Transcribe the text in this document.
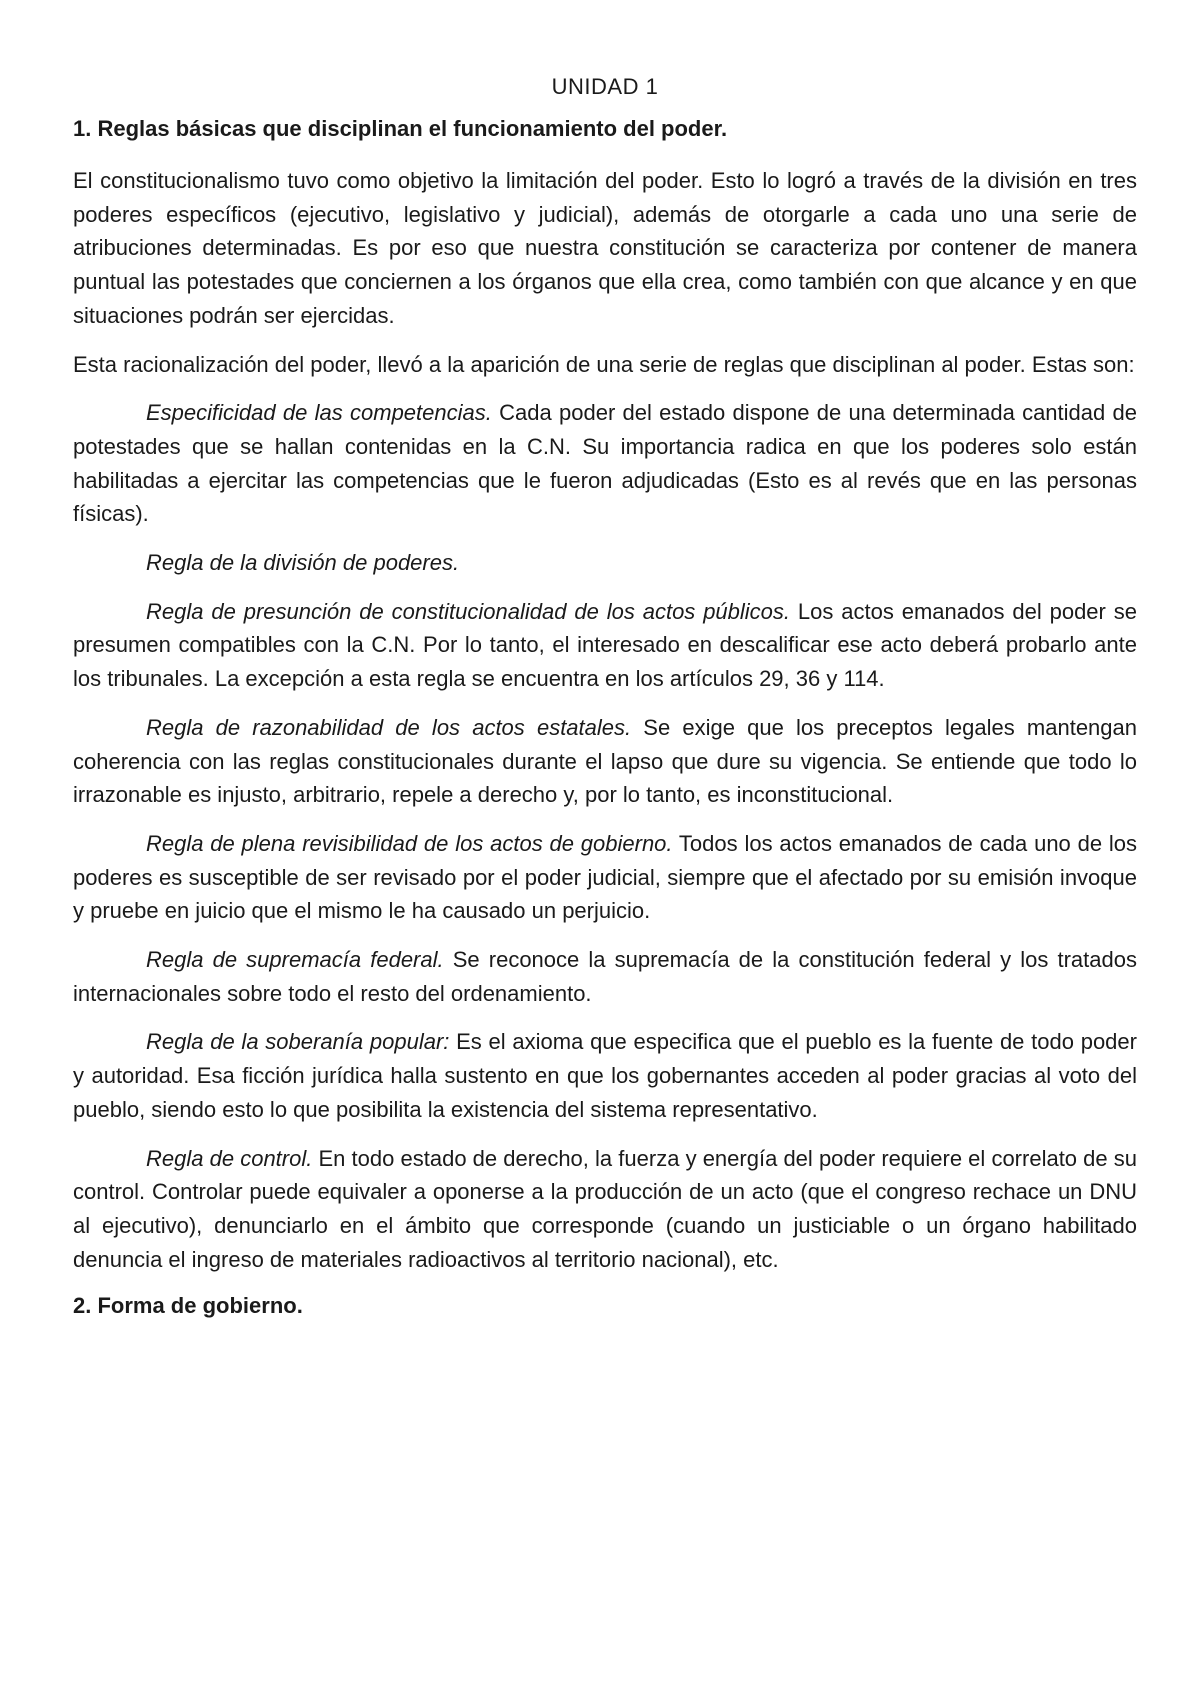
UNIDAD 1
1. Reglas básicas que disciplinan el funcionamiento del poder.

El constitucionalismo tuvo como objetivo la limitación del poder. Esto lo logró a través de la división en tres poderes específicos (ejecutivo, legislativo y judicial), además de otorgarle a cada uno una serie de atribuciones determinadas. Es por eso que nuestra constitución se caracteriza por contener de manera puntual las potestades que conciernen a los órganos que ella crea, como también con que alcance y en que situaciones podrán ser ejercidas.

Esta racionalización del poder, llevó a la aparición de una serie de reglas que disciplinan al poder. Estas son:

Especificidad de las competencias. Cada poder del estado dispone de una determinada cantidad de potestades que se hallan contenidas en la C.N. Su importancia radica en que los poderes solo están habilitadas a ejercitar las competencias que le fueron adjudicadas (Esto es al revés que en las personas físicas).

Regla de la división de poderes.

Regla de presunción de constitucionalidad de los actos públicos. Los actos emanados del poder se presumen compatibles con la C.N. Por lo tanto, el interesado en descalificar ese acto deberá probarlo ante los tribunales. La excepción a esta regla se encuentra en los artículos 29, 36 y 114.

Regla de razonabilidad de los actos estatales. Se exige que los preceptos legales mantengan coherencia con las reglas constitucionales durante el lapso que dure su vigencia. Se entiende que todo lo irrazonable es injusto, arbitrario, repele a derecho y, por lo tanto, es inconstitucional.

Regla de plena revisibilidad de los actos de gobierno. Todos los actos emanados de cada uno de los poderes es susceptible de ser revisado por el poder judicial, siempre que el afectado por su emisión invoque y pruebe en juicio que el mismo le ha causado un perjuicio.

Regla de supremacía federal. Se reconoce la supremacía de la constitución federal y los tratados internacionales sobre todo el resto del ordenamiento.

Regla de la soberanía popular: Es el axioma que especifica que el pueblo es la fuente de todo poder y autoridad. Esa ficción jurídica halla sustento en que los gobernantes acceden al poder gracias al voto del pueblo, siendo esto lo que posibilita la existencia del sistema representativo.

Regla de control. En todo estado de derecho, la fuerza y energía del poder requiere el correlato de su control. Controlar puede equivaler a oponerse a la producción de un acto (que el congreso rechace un DNU al ejecutivo), denunciarlo en el ámbito que corresponde (cuando un justiciable o un órgano habilitado denuncia el ingreso de materiales radioactivos al territorio nacional), etc.

2. Forma de gobierno.
